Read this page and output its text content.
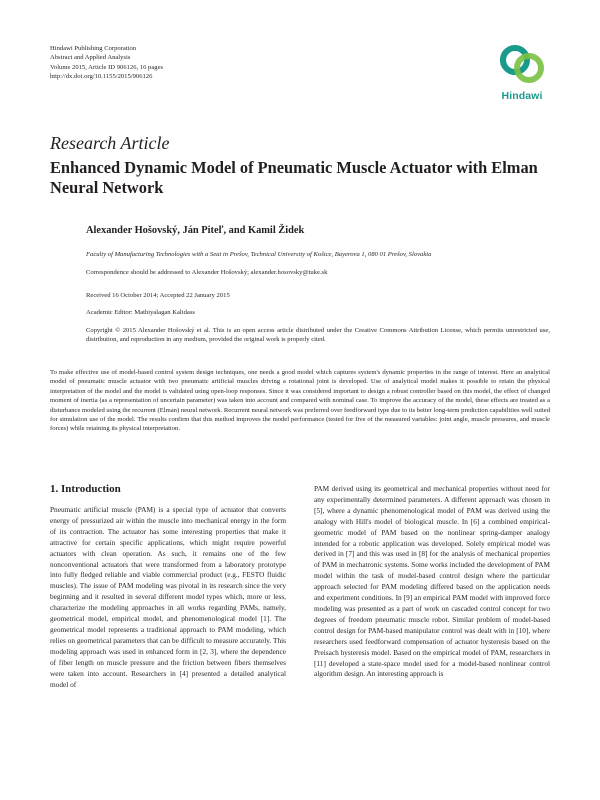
Hindawi Publishing Corporation
Abstract and Applied Analysis
Volume 2015, Article ID 906126, 16 pages
http://dx.doi.org/10.1155/2015/906126
Hindawi
Research Article
Enhanced Dynamic Model of Pneumatic Muscle Actuator with Elman Neural Network
Alexander Hošovský, Ján Piteľ, and Kamil Židek
Faculty of Manufacturing Technologies with a Seat in Prešov, Technical University of Košice, Bayerova 1, 080 01 Prešov, Slovakia
Correspondence should be addressed to Alexander Hošovský; alexander.hosovsky@tuke.sk
Received 16 October 2014; Accepted 22 January 2015
Academic Editor: Mathiyalagan Kalidass
Copyright © 2015 Alexander Hošovský et al. This is an open access article distributed under the Creative Commons Attribution License, which permits unrestricted use, distribution, and reproduction in any medium, provided the original work is properly cited.
To make effective use of model-based control system design techniques, one needs a good model which captures system's dynamic properties in the range of interest. Here an analytical model of pneumatic muscle actuator with two pneumatic artificial muscles driving a rotational joint is developed. Use of analytical model makes it possible to retain the physical interpretation of the model and the model is validated using open-loop responses. Since it was considered important to design a robust controller based on this model, the effect of changed moment of inertia (as a representation of uncertain parameter) was taken into account and compared with nominal case. To improve the accuracy of the model, these effects are treated as a disturbance modeled using the recurrent (Elman) neural network. Recurrent neural network was preferred over feedforward type due to its better long-term prediction capabilities well suited for simulation use of the model. The results confirm that this method improves the model performance (tested for five of the measured variables: joint angle, muscle pressures, and muscle forces) while retaining its physical interpretation.
1. Introduction

Pneumatic artificial muscle (PAM) is a special type of actuator that converts energy of pressurized air within the muscle into mechanical energy in the form of its contraction. The actuator has some interesting properties that make it attractive for certain specific applications, which might require powerful actuators with clean operation. As such, it remains one of the few nonconventional actuators that were transformed from a laboratory prototype into fully fledged reliable and viable commercial product (e.g., FESTO fluidic muscles). The issue of PAM modeling was pivotal in its research since the very beginning and it resulted in several different model types which, more or less, characterize the modeling approaches in all works regarding PAMs, namely, geometrical model, empirical model, and phenomenological model [1]. The geometrical model represents a traditional approach to PAM modeling, which relies on geometrical parameters that can be difficult to measure accurately. This modeling approach was used in enhanced form in [2, 3], where the dependence of fiber length on muscle pressure and the friction between fibers themselves were taken into account. Researchers in [4] presented a detailed analytical model of

PAM derived using its geometrical and mechanical properties without need for any experimentally determined parameters. A different approach was chosen in [5], where a dynamic phenomenological model of PAM was derived using the analogy with Hill's model of biological muscle. In [6] a combined empirical-geometric model of PAM based on the nonlinear spring-damper analogy intended for a robotic application was developed. Solely empirical model was derived in [7] and this was used in [8] for the analysis of mechanical properties of PAM in mechatronic systems. Some works included the development of PAM model within the task of model-based control design where the particular approach selected for PAM modeling differed based on the application needs and experiment conditions. In [9] an empirical PAM model with improved force modeling was presented as a part of work on cascaded control concept for two degrees of freedom pneumatic muscle robot. Similar problem of model-based control design for PAM-based manipulator control was dealt with in [10], where researchers used feedforward compensation of actuator hysteresis based on the Preisach hysteresis model. Based on the empirical model of PAM, researchers in [11] developed a state-space model used for a model-based nonlinear control algorithm design. An interesting approach is
